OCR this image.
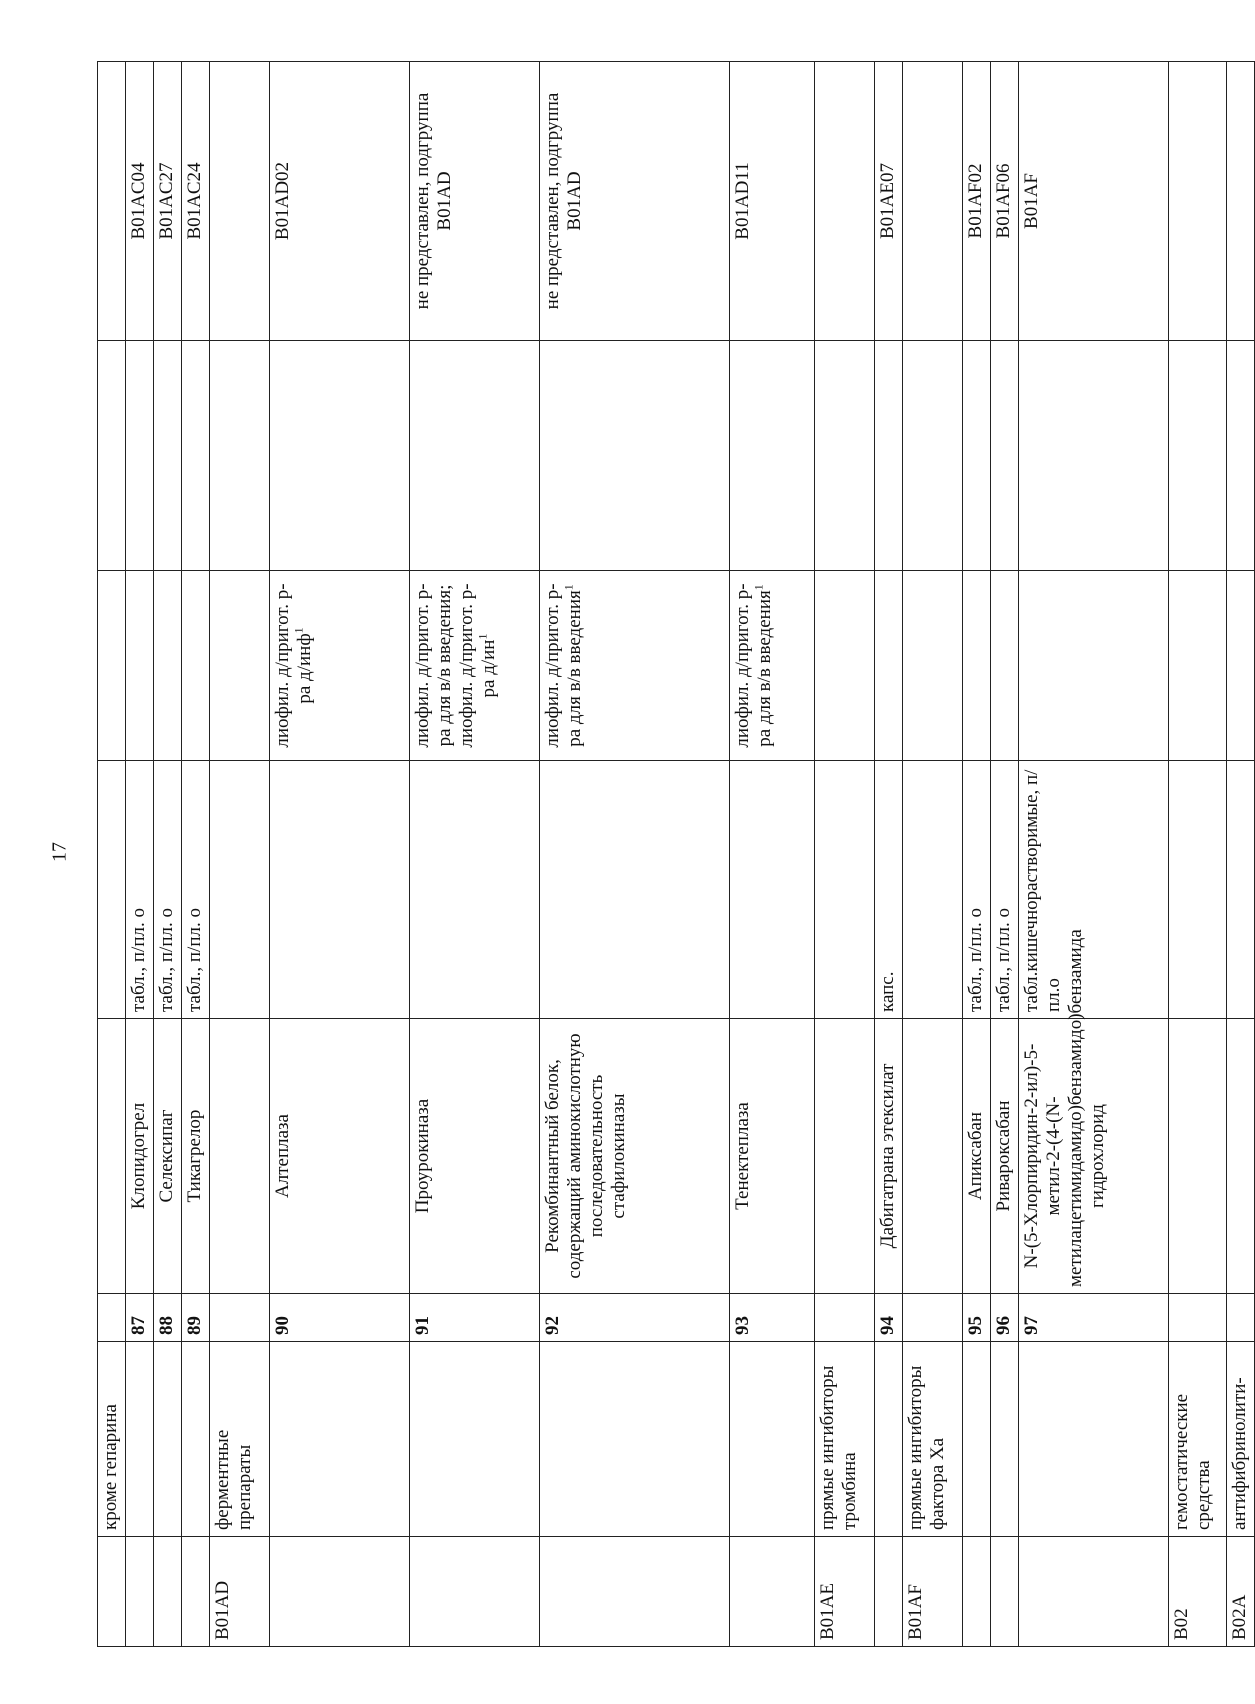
17
	кроме гепарина						
		87	Клопидогрел	табл., п/пл. о			B01AC04
		88	Селексипаг	табл., п/пл. о			B01AC27
		89	Тикагрелор	табл., п/пл. о			B01AC24
B01AD	ферментные препараты						
		90	Алтеплаза		лиофил. д/пригот. р-ра д/инф$^1$		B01AD02
		91	Проурокиназа		лиофил. д/пригот. р-ра для в/в введения; лиофил. д/пригот. р-ра $д/ин^1$		не представлен, подгруппа B01AD
		92	Рекомбинантный белок, содержащий аминокислотную последовательность стафилокиназы		лиофил. д/пригот. р-ра для в/в введения$^1$		не представлен, подгруппа B01AD
		93	Тенектеплаза		лиофил. д/пригот. р-ра для в/в введения$^1$		B01AD11
B01AE	прямые ингибиторы тромбина						
		94	Дабигатрана этексилат	капс.			B01AE07
B01AF	прямые ингибиторы фактора Ха						
		95	Апиксабан	табл., п/пл. о			B01AF02
		96	Ривароксабан	табл., п/пл. о			B01AF06
		97	N-(5-Хлорпиридин-2-ил)-5-метил-2-(4-(N-метилацетимидамидо)бензамидо)бензамида гидрохлорид	табл.кишечнорастворимые, п/пл.о			B01AF
B02	гемостатические средства						
B02A	антифибринолити-						
